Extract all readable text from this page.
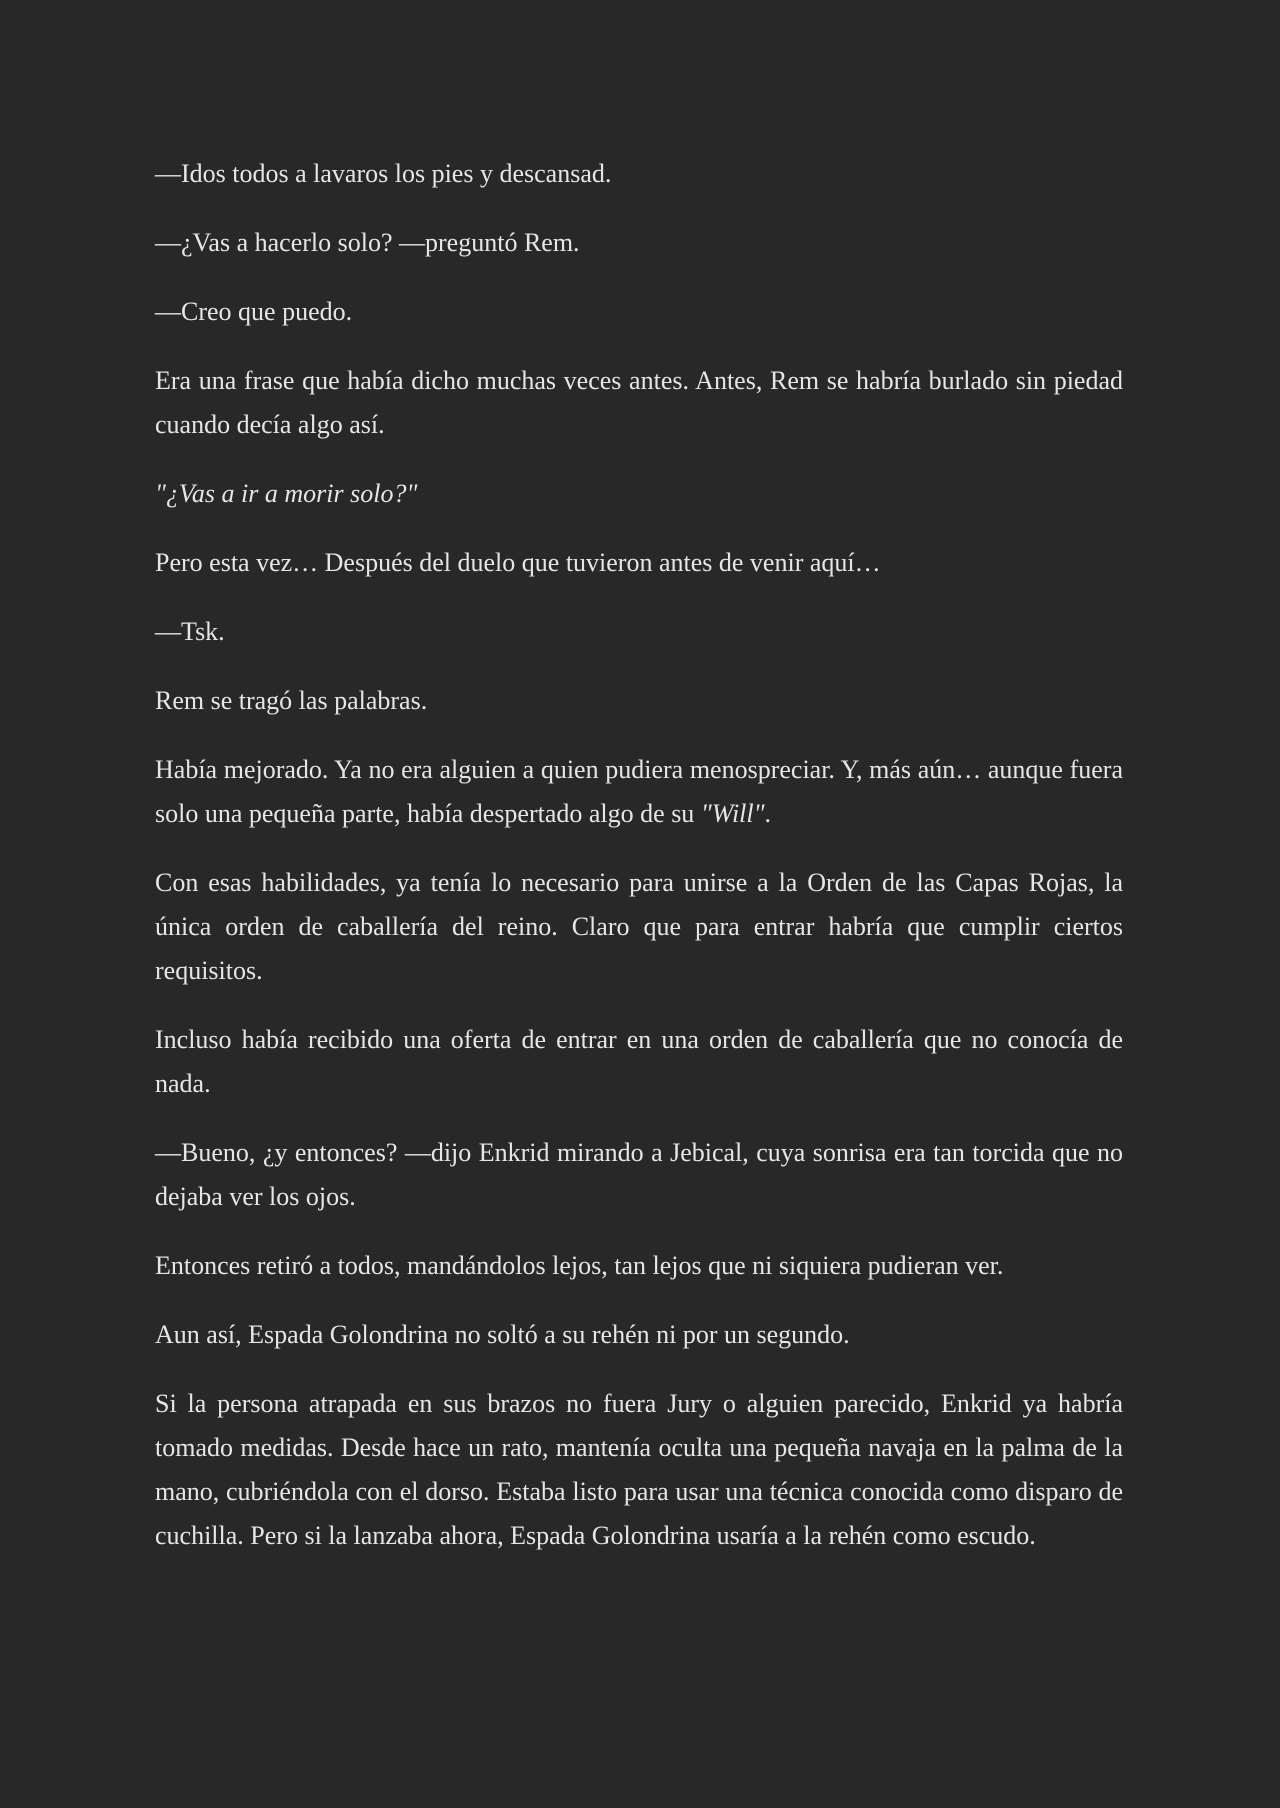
—Idos todos a lavaros los pies y descansad.

—¿Vas a hacerlo solo? —preguntó Rem.

—Creo que puedo.

Era una frase que había dicho muchas veces antes. Antes, Rem se habría burlado sin piedad cuando decía algo así.

"¿Vas a ir a morir solo?"

Pero esta vez… Después del duelo que tuvieron antes de venir aquí…

—Tsk.

Rem se tragó las palabras.

Había mejorado. Ya no era alguien a quien pudiera menospreciar. Y, más aún… aunque fuera solo una pequeña parte, había despertado algo de su "Will".

Con esas habilidades, ya tenía lo necesario para unirse a la Orden de las Capas Rojas, la única orden de caballería del reino. Claro que para entrar habría que cumplir ciertos requisitos.

Incluso había recibido una oferta de entrar en una orden de caballería que no conocía de nada.

—Bueno, ¿y entonces? —dijo Enkrid mirando a Jebical, cuya sonrisa era tan torcida que no dejaba ver los ojos.

Entonces retiró a todos, mandándolos lejos, tan lejos que ni siquiera pudieran ver.

Aun así, Espada Golondrina no soltó a su rehén ni por un segundo.

Si la persona atrapada en sus brazos no fuera Jury o alguien parecido, Enkrid ya habría tomado medidas. Desde hace un rato, mantenía oculta una pequeña navaja en la palma de la mano, cubriéndola con el dorso. Estaba listo para usar una técnica conocida como disparo de cuchilla. Pero si la lanzaba ahora, Espada Golondrina usaría a la rehén como escudo.
